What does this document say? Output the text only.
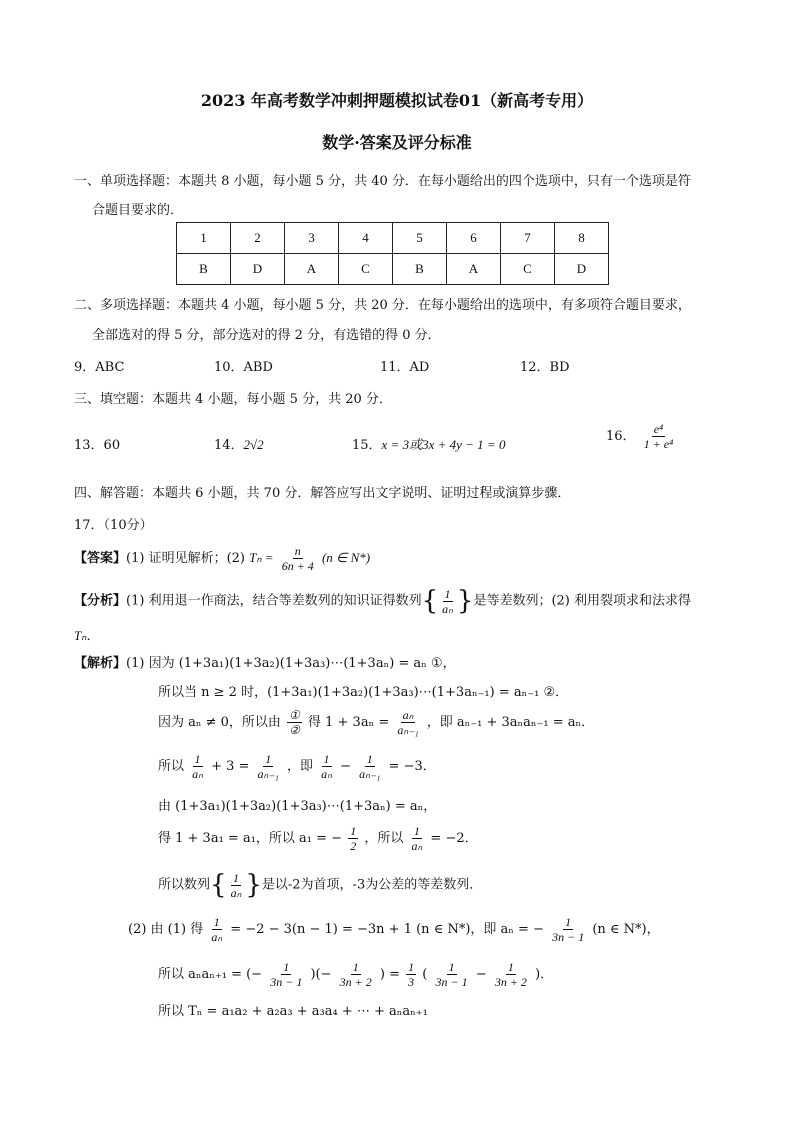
2023 年高考数学冲刺押题模拟试卷01（新高考专用）
数学·答案及评分标准
一、单项选择题：本题共 8 小题，每小题 5 分，共 40 分．在每小题给出的四个选项中，只有一个选项是符
合题目要求的．
1	2	3	4	5	6	7	8
B	D	A	C	B	A	C	D
二、多项选择题：本题共 4 小题，每小题 5 分，共 20 分．在每小题给出的选项中，有多项符合题目要求，
全部选对的得 5 分，部分选对的得 2 分，有选错的得 0 分．
9．ABC	10．ABD	11．AD	12．BD
三、填空题：本题共 4 小题，每小题 5 分，共 20 分．
13．60	14．2√2	15．x = 3或3x + 4y − 1 = 0
16． $\frac{\text{e⁴}}{\text{1 + e⁴}}$
四、解答题：本题共 6 小题，共 70 分．解答应写出文字说明、证明过程或演算步骤．
17．（10分）
【答案】(1) 证明见解析；(2) $T_n = \frac{n}{6n + 4} (n$ ∈ N*)
【分析】(1) 利用退一作商法，结合等差数列的知识证得数列{ $\frac{1}{\text{aₙ}}$ }是等差数列；(2) 利用裂项求和法求得
Tₙ．
【解析】(1) 因为 (1+3a₁)(1+3a₂)(1+3a₃)⋯(1+3aₙ) = aₙ ①，
所以当 n ≥ 2 时，(1+3a₁)(1+3a₂)(1+3a₃)⋯(1+3aₙ₋₁) = aₙ₋₁ ②．
因为 aₙ ≠ 0，所以由 $\frac{\text{①}}{\text{②}}$ 得 $1 + 3a_n = \frac{\text{aₙ}}{\text{aₙ₋₁}}$ ，即 aₙ₋₁ + 3aₙaₙ₋₁ = aₙ．
所以 $\frac{1}{\text{aₙ}} + 3 = \frac{1}{\text{aₙ₋₁}}$ ，即 $\frac{1}{\text{aₙ}} - \frac{1}{\text{aₙ₋₁}} = -3$．
由 (1+3a₁)(1+3a₂)(1+3a₃)⋯(1+3aₙ) = aₙ，
得 1 + 3a₁ = a₁，所以 a₁ = − $\frac{1}{2}$ ，所以 $\frac{1}{\text{aₙ}} = -2$．
所以数列{ $\frac{1}{\text{aₙ}}$ }是以-2为首项，-3为公差的等差数列．
(2) 由 (1) 得 $\frac{1}{\text{aₙ}} = -2 - 3(n - 1) = -3n + 1$ (n ∈ N*)，即 aₙ = − $\frac{1}{3n - 1} (n$ ∈ N*)，
所以 aₙaₙ₊₁ = (− $\frac{1}{3n - 1}$ )(− $\frac{1}{3n + 2}$ ) = $\frac{1}{3}$ ( $\frac{1}{3n - 1} - \frac{1}{3n + 2}$ )．
所以 Tₙ = a₁a₂ + a₂a₃ + a₃a₄ + ⋯ + aₙaₙ₊₁
